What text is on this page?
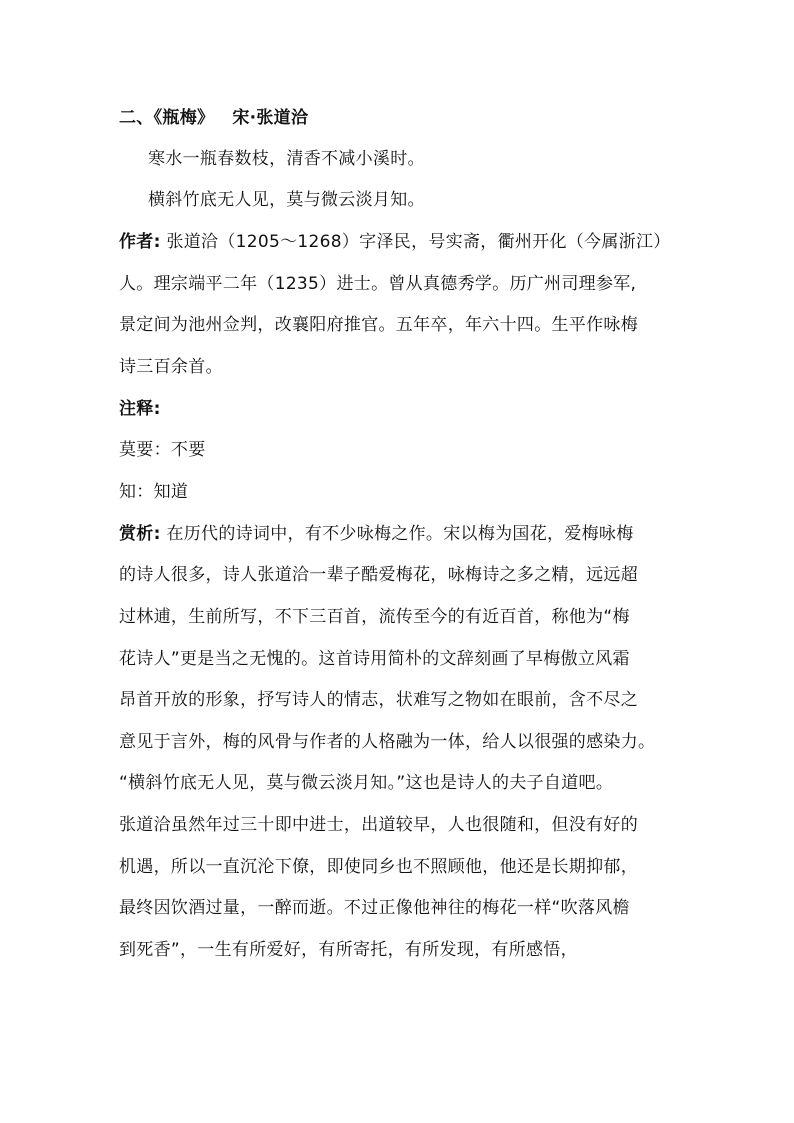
二、《瓶梅》 宋·张道洽
寒水一瓶春数枝，清香不减小溪时。
横斜竹底无人见，莫与微云淡月知。
作者: 张道洽（1205～1268）字泽民，号实斋，衢州开化（今属浙江）
人。理宗端平二年（1235）进士。曾从真德秀学。历广州司理参军,
景定间为池州佥判，改襄阳府推官。五年卒，年六十四。生平作咏梅
诗三百余首。
注释:
莫要：不要
知：知道
赏析: 在历代的诗词中，有不少咏梅之作。宋以梅为国花，爱梅咏梅
的诗人很多，诗人张道洽一辈子酷爱梅花，咏梅诗之多之精，远远超
过林逋，生前所写，不下三百首，流传至今的有近百首，称他为“梅
花诗人”更是当之无愧的。这首诗用简朴的文辞刻画了早梅傲立风霜
昂首开放的形象，抒写诗人的情志，状难写之物如在眼前，含不尽之
意见于言外，梅的风骨与作者的人格融为一体，给人以很强的感染力。
“横斜竹底无人见，莫与微云淡月知。”这也是诗人的夫子自道吧。
张道洽虽然年过三十即中进士，出道较早，人也很随和，但没有好的
机遇，所以一直沉沦下僚，即使同乡也不照顾他，他还是长期抑郁，
最终因饮酒过量，一醉而逝。不过正像他神往的梅花一样“吹落风檐
到死香”，一生有所爱好，有所寄托，有所发现，有所感悟，
